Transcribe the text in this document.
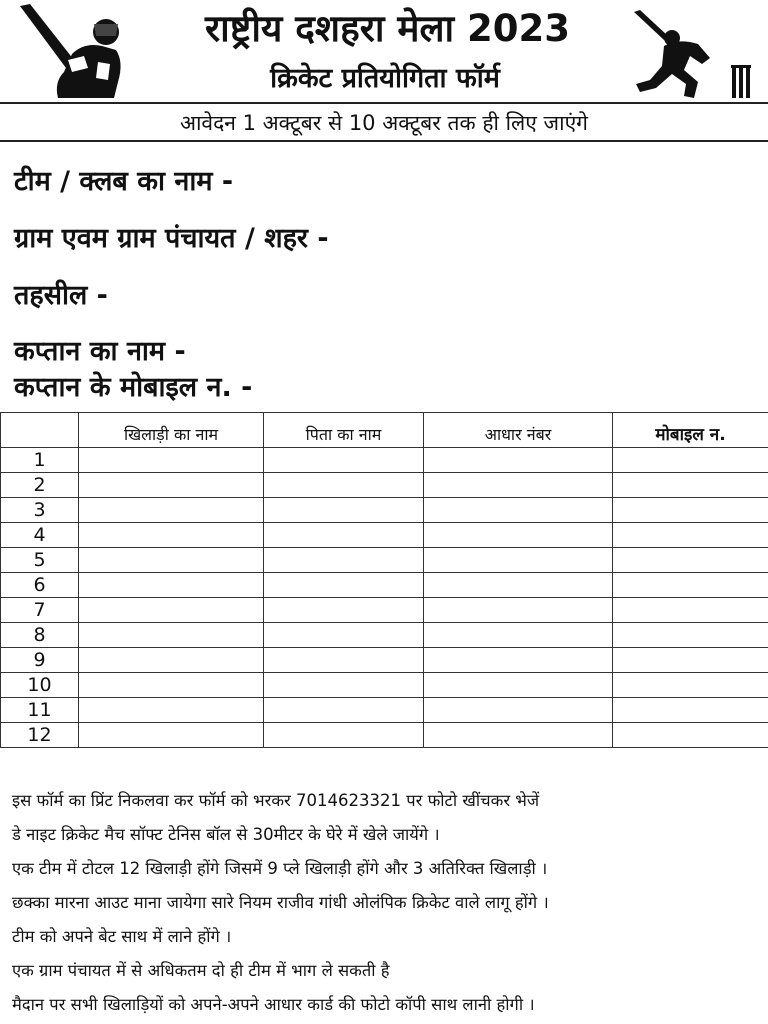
राष्ट्रीय दशहरा मेला 2023
क्रिकेट प्रतियोगिता फॉर्म
आवेदन 1 अक्टूबर से 10 अक्टूबर तक ही लिए जाएंगे
टीम / क्लब का नाम -
ग्राम एवम ग्राम पंचायत / शहर -
तहसील -
कप्तान का नाम -
कप्तान के मोबाइल न. -
	खिलाड़ी का नाम	पिता का नाम	आधार नंबर	मोबाइल न.
1				
2				
3				
4				
5				
6				
7				
8				
9				
10				
11				
12				
इस फॉर्म का प्रिंट निकलवा कर फॉर्म को भरकर 7014623321 पर फोटो खींचकर भेजें
डे नाइट क्रिकेट मैच सॉफ्ट टेनिस बॉल से 30मीटर के घेरे में खेले जायेंगे ।
एक टीम में टोटल 12 खिलाड़ी होंगे जिसमें 9 प्ले खिलाड़ी होंगे और 3 अतिरिक्त खिलाड़ी ।
छक्का मारना आउट माना जायेगा सारे नियम राजीव गांधी ओलंपिक क्रिकेट वाले लागू होंगे ।
टीम को अपने बेट साथ में लाने होंगे ।
एक ग्राम पंचायत में से अधिकतम दो ही टीम में भाग ले सकती है
मैदान पर सभी खिलाड़ियों को अपने-अपने आधार कार्ड की फोटो कॉपी साथ लानी होगी ।
